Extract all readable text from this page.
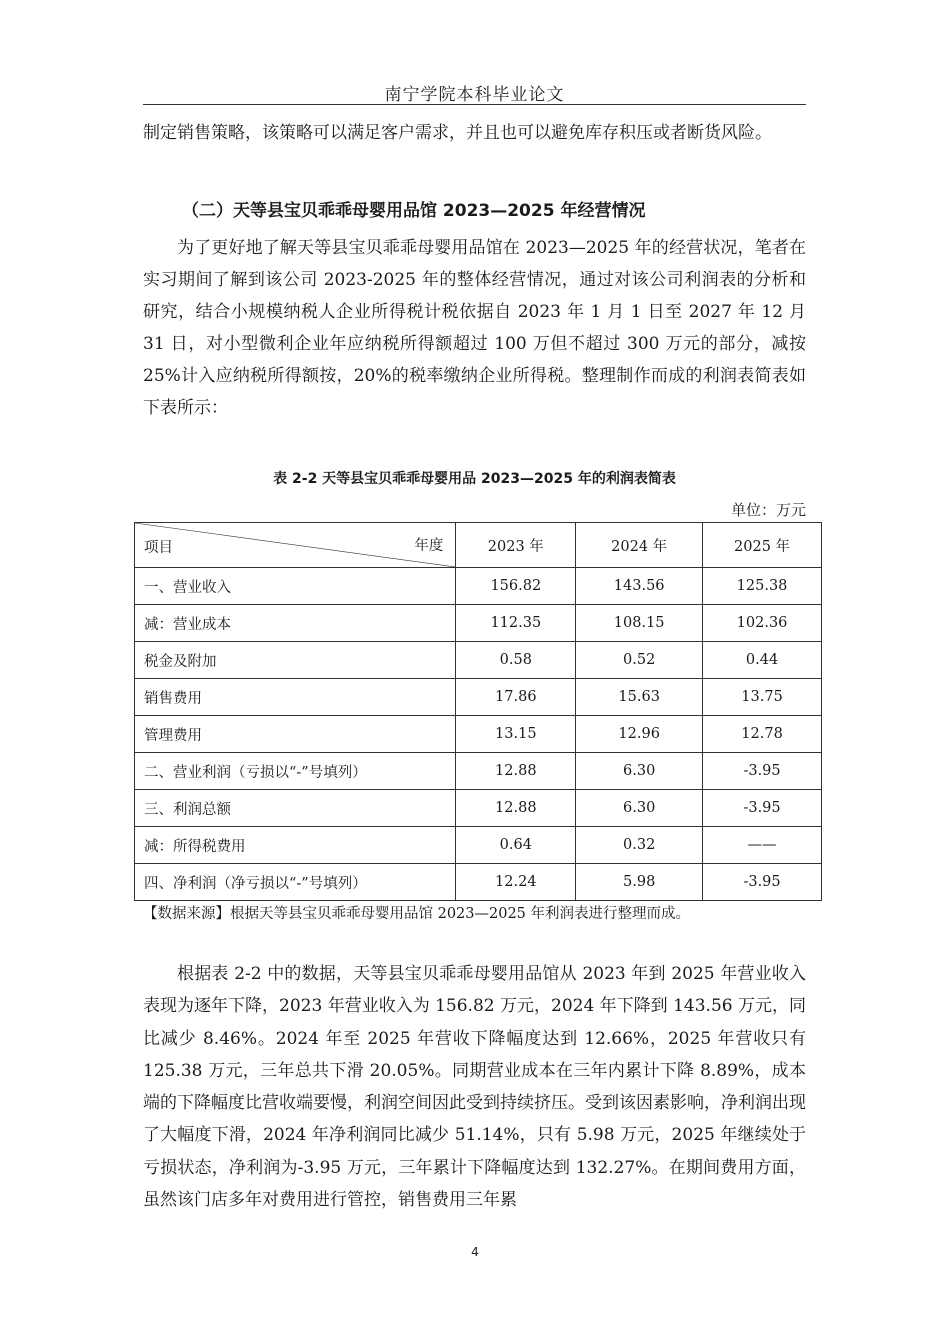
南宁学院本科毕业论文

制定销售策略，该策略可以满足客户需求，并且也可以避免库存积压或者断货风险。

（二）天等县宝贝乖乖母婴用品馆 2023—2025 年经营情况

为了更好地了解天等县宝贝乖乖母婴用品馆在 2023—2025 年的经营状况，笔者在实习期间了解到该公司 2023-2025 年的整体经营情况，通过对该公司利润表的分析和研究，结合小规模纳税人企业所得税计税依据自 2023 年 1 月 1 日至 2027 年 12 月 31 日，对小型微利企业年应纳税所得额超过 100 万但不超过 300 万元的部分，减按 25%计入应纳税所得额按，20%的税率缴纳企业所得税。整理制作而成的利润表简表如下表所示：

表 2-2 天等县宝贝乖乖母婴用品 2023—2025 年的利润表简表
单位：万元
项目 年度	2023 年	2024 年	2025 年
一、营业收入	156.82	143.56	125.38
减：营业成本	112.35	108.15	102.36
税金及附加	0.58	0.52	0.44
销售费用	17.86	15.63	13.75
管理费用	13.15	12.96	12.78
二、营业利润（亏损以“-”号填列）	12.88	6.30	-3.95
三、利润总额	12.88	6.30	-3.95
减：所得税费用	0.64	0.32	——
四、净利润（净亏损以“-”号填列）	12.24	5.98	-3.95
【数据来源】根据天等县宝贝乖乖母婴用品馆 2023—2025 年利润表进行整理而成。

根据表 2-2 中的数据，天等县宝贝乖乖母婴用品馆从 2023 年到 2025 年营业收入表现为逐年下降，2023 年营业收入为 156.82 万元，2024 年下降到 143.56 万元，同比减少 8.46%。2024 年至 2025 年营收下降幅度达到 12.66%，2025 年营收只有 125.38 万元，三年总共下滑 20.05%。同期营业成本在三年内累计下降 8.89%，成本端的下降幅度比营收端要慢，利润空间因此受到持续挤压。受到该因素影响，净利润出现了大幅度下滑，2024 年净利润同比减少 51.14%，只有 5.98 万元，2025 年继续处于亏损状态，净利润为-3.95 万元，三年累计下降幅度达到 132.27%。在期间费用方面，虽然该门店多年对费用进行管控，销售费用三年累

4
